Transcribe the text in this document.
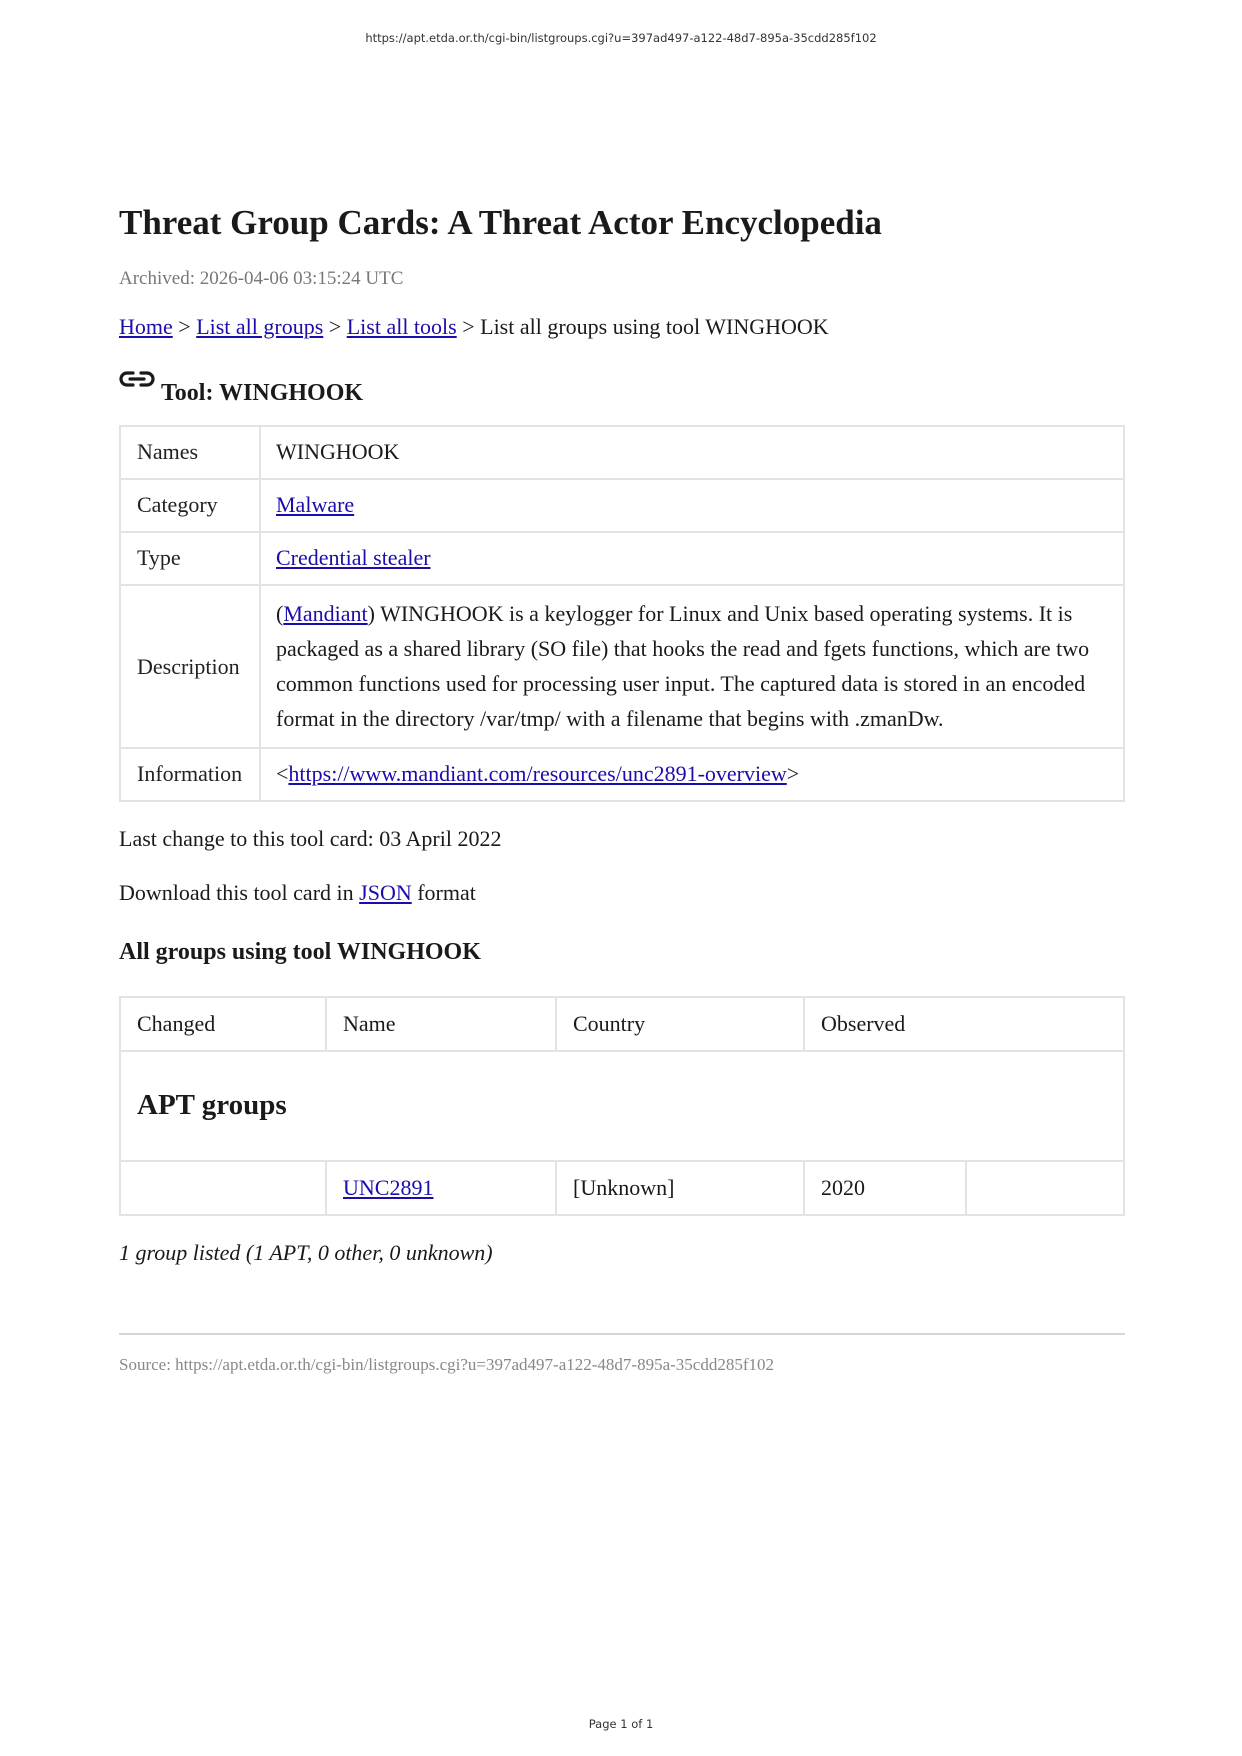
https://apt.etda.or.th/cgi-bin/listgroups.cgi?u=397ad497-a122-48d7-895a-35cdd285f102
Threat Group Cards: A Threat Actor Encyclopedia
Archived: 2026-04-06 03:15:24 UTC
Home > List all groups > List all tools > List all groups using tool WINGHOOK
Tool: WINGHOOK
Names	WINGHOOK
Category	Malware
Type	Credential stealer
Description	(Mandiant) WINGHOOK is a keylogger for Linux and Unix based operating systems. It is packaged as a shared library (SO file) that hooks the read and fgets functions, which are two common functions used for processing user input. The captured data is stored in an encoded format in the directory /var/tmp/ with a filename that begins with .zmanDw.
Information	<https://www.mandiant.com/resources/unc2891-overview>
Last change to this tool card: 03 April 2022
Download this tool card in JSON format
All groups using tool WINGHOOK
Changed	Name	Country	Observed	
APT groups				
	UNC2891	[Unknown]	2020	
1 group listed (1 APT, 0 other, 0 unknown)
Source: https://apt.etda.or.th/cgi-bin/listgroups.cgi?u=397ad497-a122-48d7-895a-35cdd285f102
Page 1 of 1
